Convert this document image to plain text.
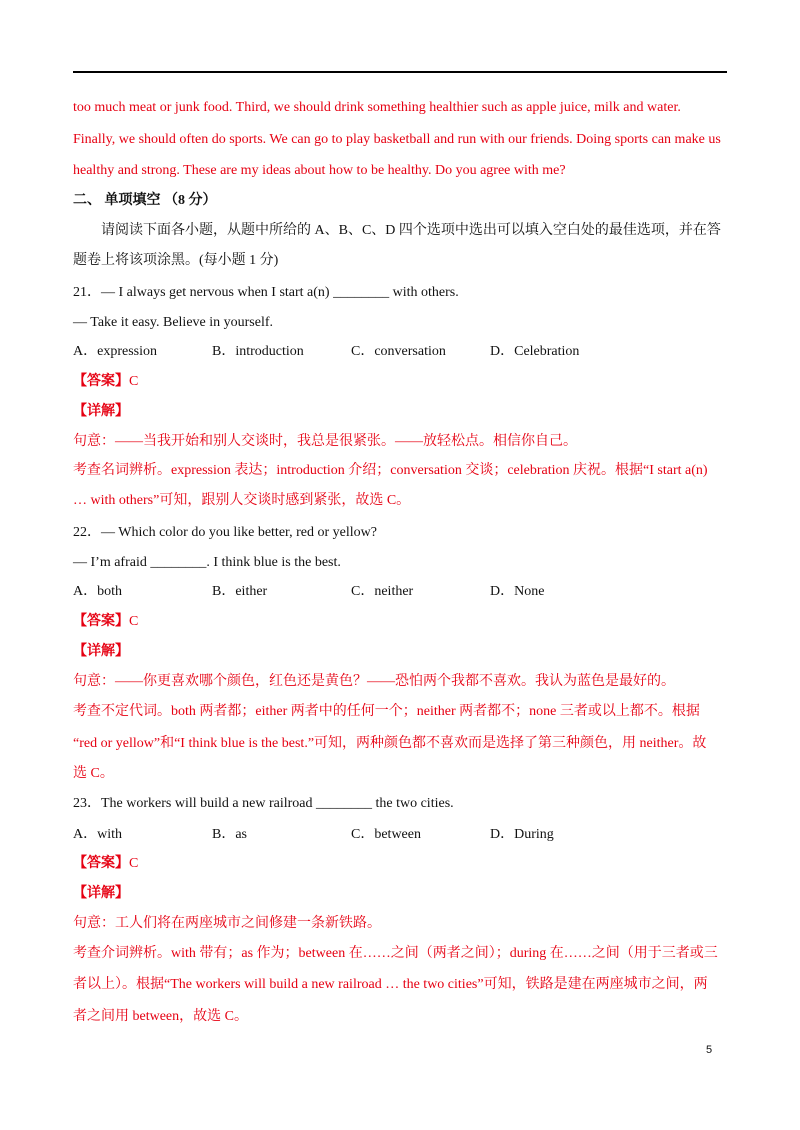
too much meat or junk food. Third, we should drink something healthier such as apple juice, milk and water.
Finally, we should often do sports. We can go to play basketball and run with our friends. Doing sports can make us
healthy and strong. These are my ideas about how to be healthy. Do you agree with me?
二、 单项填空 （8 分）
请阅读下面各小题，从题中所给的 A、B、C、D 四个选项中选出可以填入空白处的最佳选项，并在答
题卷上将该项涂黑。(每小题 1 分)
21．— I always get nervous when I start a(n) ________ with others.
— Take it easy. Believe in yourself.
A．expression	B．introduction	C．conversation	D．Celebration
【答案】C
【详解】
句意：——当我开始和别人交谈时，我总是很紧张。——放轻松点。相信你自己。
考查名词辨析。expression 表达；introduction 介绍；conversation 交谈；celebration 庆祝。根据“I start a(n)
… with others”可知，跟别人交谈时感到紧张，故选 C。
22．— Which color do you like better, red or yellow?
— I’m afraid ________. I think blue is the best.
A．both	B．either	C．neither	D．None
【答案】C
【详解】
句意：——你更喜欢哪个颜色，红色还是黄色？——恐怕两个我都不喜欢。我认为蓝色是最好的。
考查不定代词。both 两者都；either 两者中的任何一个；neither 两者都不；none 三者或以上都不。根据
“red or yellow”和“I think blue is the best.”可知，两种颜色都不喜欢而是选择了第三种颜色，用 neither。故
选 C。
23．The workers will build a new railroad ________ the two cities.
A．with	B．as	C．between	D．During
【答案】C
【详解】
句意：工人们将在两座城市之间修建一条新铁路。
考查介词辨析。with 带有；as 作为；between 在……之间（两者之间）；during 在……之间（用于三者或三
者以上）。根据“The workers will build a new railroad … the two cities”可知，铁路是建在两座城市之间，两
者之间用 between，故选 C。
5
